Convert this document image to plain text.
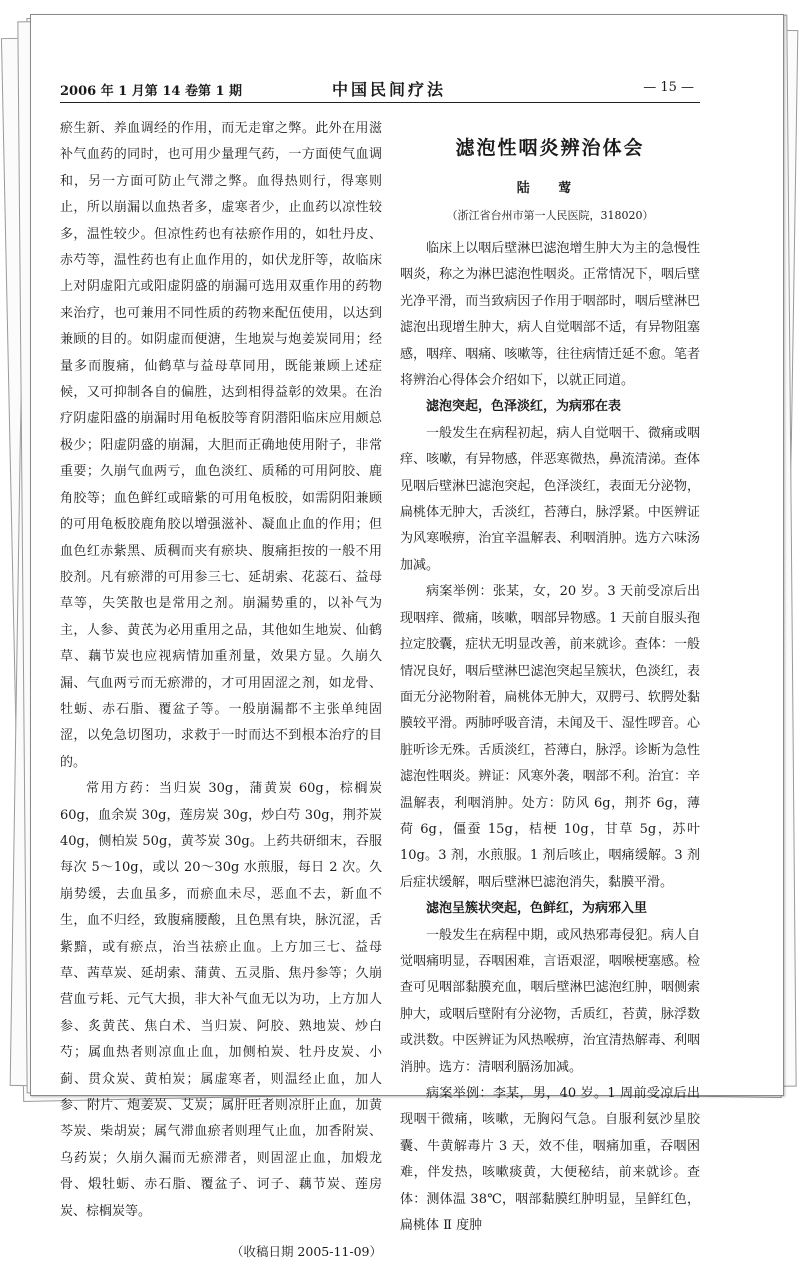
2006 年 1 月第 14 卷第 1 期	中国民间疗法	— 15 —

瘀生新、养血调经的作用，而无走窜之弊。此外在用滋补气血药的同时，也可用少量理气药，一方面使气血调和，另一方面可防止气滞之弊。血得热则行，得寒则止，所以崩漏以血热者多，虚寒者少，止血药以凉性较多，温性较少。但凉性药也有祛瘀作用的，如牡丹皮、赤芍等，温性药也有止血作用的，如伏龙肝等，故临床上对阴虚阳亢或阳虚阴盛的崩漏可选用双重作用的药物来治疗，也可兼用不同性质的药物来配伍使用，以达到兼顾的目的。如阴虚而便溏，生地炭与炮姜炭同用；经量多而腹痛，仙鹤草与益母草同用，既能兼顾上述症候，又可抑制各自的偏胜，达到相得益彰的效果。在治疗阴虚阳盛的崩漏时用龟板胶等育阴潜阳临床应用颇总极少；阳虚阴盛的崩漏，大胆而正确地使用附子，非常重要；久崩气血两亏，血色淡红、质稀的可用阿胶、鹿角胶等；血色鲜红或暗紫的可用龟板胶，如需阴阳兼顾的可用龟板胶鹿角胶以增强滋补、凝血止血的作用；但血色红赤紫黑、质稠而夹有瘀块、腹痛拒按的一般不用胶剂。凡有瘀滞的可用参三七、延胡索、花蕊石、益母草等，失笑散也是常用之剂。崩漏势重的，以补气为主，人参、黄芪为必用重用之品，其他如生地炭、仙鹤草、藕节炭也应视病情加重剂量，效果方显。久崩久漏、气血两亏而无瘀滞的，才可用固涩之剂，如龙骨、牡蛎、赤石脂、覆盆子等。一般崩漏都不主张单纯固涩，以免急切图功，求救于一时而达不到根本治疗的目的。

常用方药：当归炭 30g，蒲黄炭 60g，棕榈炭 60g，血余炭 30g，莲房炭 30g，炒白芍 30g，荆芥炭 40g，侧柏炭 50g，黄芩炭 30g。上药共研细末，吞服每次 5～10g，或以 20～30g 水煎服，每日 2 次。久崩势缓，去血虽多，而瘀血未尽，恶血不去，新血不生，血不归经，致腹痛腰酸，且色黑有块，脉沉涩，舌紫黯，或有瘀点，治当祛瘀止血。上方加三七、益母草、茜草炭、延胡索、蒲黄、五灵脂、焦丹参等；久崩营血亏耗、元气大损，非大补气血无以为功，上方加人参、炙黄芪、焦白术、当归炭、阿胶、熟地炭、炒白芍；属血热者则凉血止血，加侧柏炭、牡丹皮炭、小蓟、贯众炭、黄柏炭；属虚寒者，则温经止血，加人参、附片、炮姜炭、艾炭；属肝旺者则凉肝止血，加黄芩炭、柴胡炭；属气滞血瘀者则理气止血，加香附炭、乌药炭；久崩久漏而无瘀滞者，则固涩止血，加煅龙骨、煅牡蛎、赤石脂、覆盆子、诃子、藕节炭、莲房炭、棕榈炭等。

（收稿日期 2005-11-09）
滤泡性咽炎辨治体会
陆 莺
（浙江省台州市第一人民医院，318020）

临床上以咽后壁淋巴滤泡增生肿大为主的急慢性咽炎，称之为淋巴滤泡性咽炎。正常情况下，咽后壁光净平滑，而当致病因子作用于咽部时，咽后壁淋巴滤泡出现增生肿大，病人自觉咽部不适，有异物阻塞感，咽痒、咽痛、咳嗽等，往往病情迁延不愈。笔者将辨治心得体会介绍如下，以就正同道。

滤泡突起，色泽淡红，为病邪在表

一般发生在病程初起，病人自觉咽干、微痛或咽痒、咳嗽，有异物感，伴恶寒微热，鼻流清涕。查体见咽后壁淋巴滤泡突起，色泽淡红，表面无分泌物，扁桃体无肿大，舌淡红，苔薄白，脉浮紧。中医辨证为风寒喉痹，治宜辛温解表、利咽消肿。选方六味汤加减。

病案举例：张某，女，20 岁。3 天前受凉后出现咽痒、微痛，咳嗽，咽部异物感。1 天前自服头孢拉定胶囊，症状无明显改善，前来就诊。查体：一般情况良好，咽后壁淋巴滤泡突起呈簇状，色淡红，表面无分泌物附着，扁桃体无肿大，双腭弓、软腭处黏膜较平滑。两肺呼吸音清，未闻及干、湿性啰音。心脏听诊无殊。舌质淡红，苔薄白，脉浮。诊断为急性滤泡性咽炎。辨证：风寒外袭，咽部不利。治宜：辛温解表，利咽消肿。处方：防风 6g，荆芥 6g，薄荷 6g，僵蚕 15g，桔梗 10g，甘草 5g，苏叶 10g。3 剂，水煎服。1 剂后咳止，咽痛缓解。3 剂后症状缓解，咽后壁淋巴滤泡消失，黏膜平滑。

滤泡呈簇状突起，色鲜红，为病邪入里

一般发生在病程中期，或风热邪毒侵犯。病人自觉咽痛明显，吞咽困难，言语艰涩，咽喉梗塞感。检查可见咽部黏膜充血，咽后壁淋巴滤泡红肿，咽侧索肿大，或咽后壁附有分泌物，舌质红，苔黄，脉浮数或洪数。中医辨证为风热喉痹，治宜清热解毒、利咽消肿。选方：清咽利膈汤加减。

病案举例：李某，男，40 岁。1 周前受凉后出现咽干微痛，咳嗽，无胸闷气急。自服利氨沙星胶囊、牛黄解毒片 3 天，效不佳，咽痛加重，吞咽困难，伴发热，咳嗽痰黄，大便秘结，前来就诊。查体：测体温 38℃，咽部黏膜红肿明显，呈鲜红色，扁桃体 Ⅱ 度肿
